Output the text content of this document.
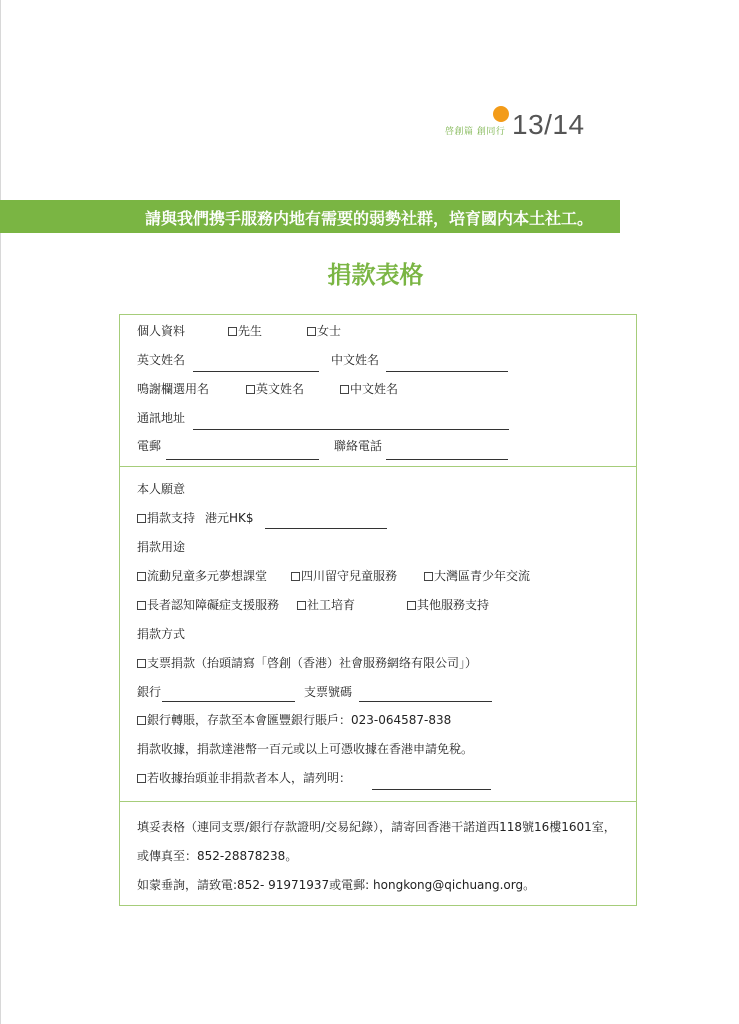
啓創篇 創同行 13/14
請與我們携手服務内地有需要的弱勢社群，培育國内本土社工。
捐款表格
個人資料	先生	女士
英文姓名	中文姓名
鳴謝欄選用名	英文姓名	中文姓名
通訊地址
電郵	聯絡電話
本人願意
捐款支持 港元HK$
捐款用途
流動兒童多元夢想課堂	四川留守兒童服務	大灣區青少年交流
長者認知障礙症支援服務	社工培育	其他服務支持
捐款方式
支票捐款（抬頭請寫「啓創（香港）社會服務網络有限公司」）
銀行	支票號碼
銀行轉賬，存款至本會匯豐銀行賬戶：023-064587-838
捐款收據，捐款達港幣一百元或以上可憑收據在香港申請免稅。
若收據抬頭並非捐款者本人，請列明：
填妥表格（連同支票/銀行存款證明/交易紀錄），請寄回香港干諾道西118號16樓1601室，
或傳真至：852-28878238。
如蒙垂詢，請致電:852- 91971937或電郵: hongkong@qichuang.org。
